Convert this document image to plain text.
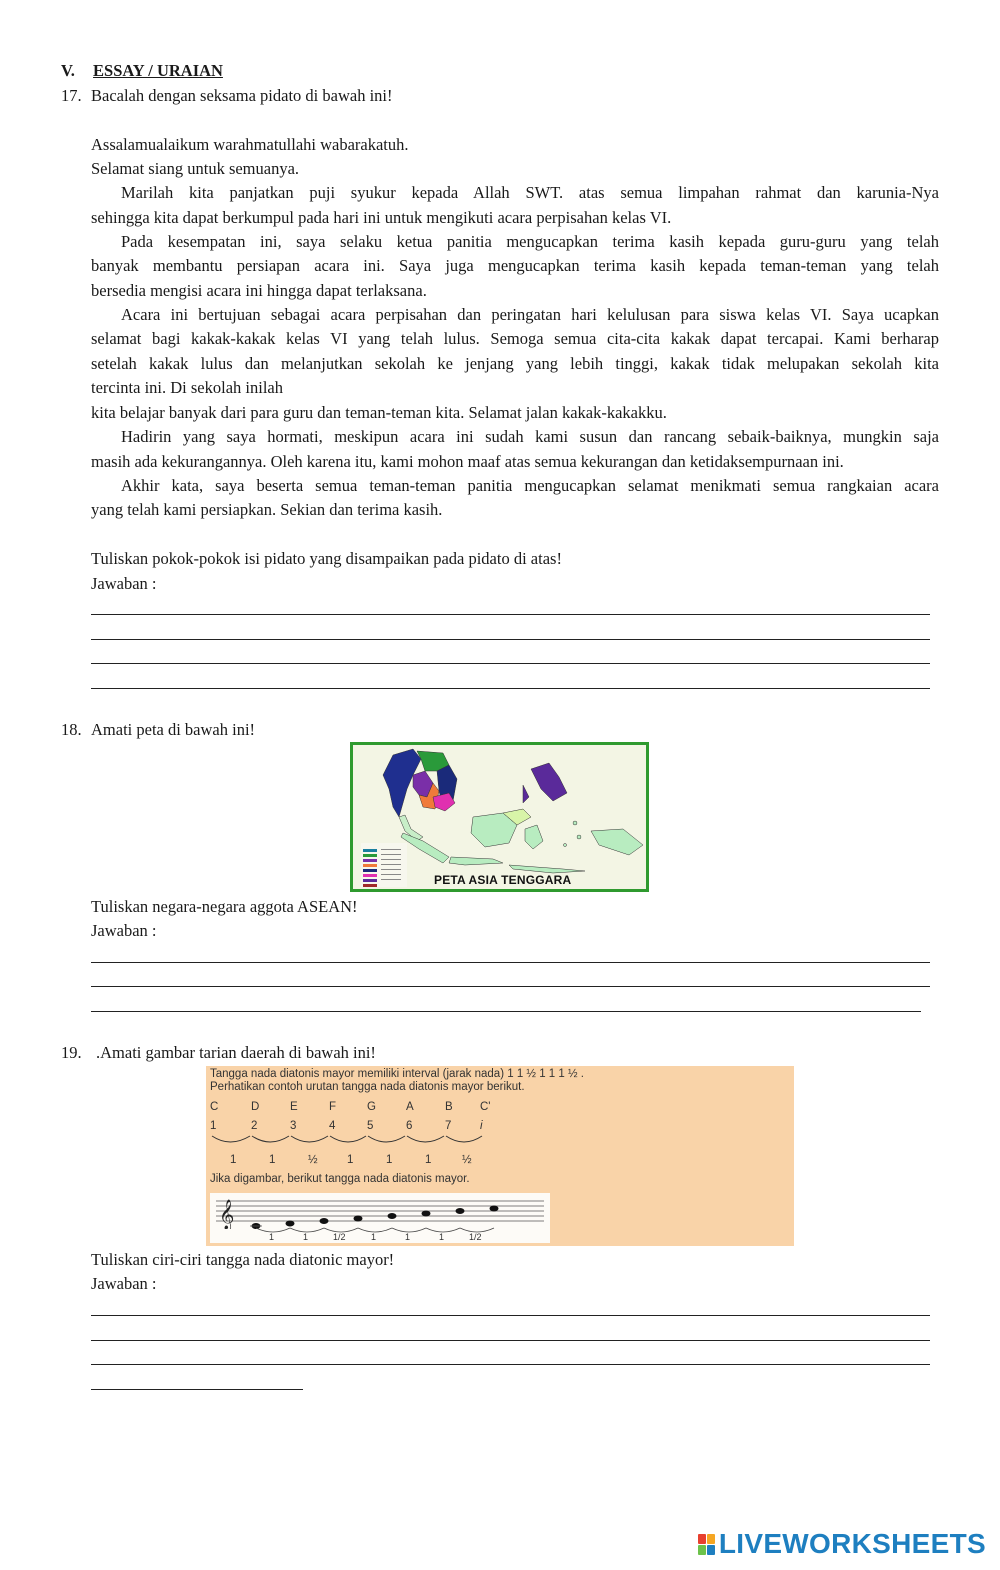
V. ESSAY / URAIAN
17. Bacalah dengan seksama pidato di bawah ini!
Assalamualaikum warahmatullahi wabarakatuh.
Selamat siang untuk semuanya.
Marilah kita panjatkan puji syukur kepada Allah SWT. atas semua limpahan rahmat dan karunia-Nya
sehingga kita dapat berkumpul pada hari ini untuk mengikuti acara perpisahan kelas VI.
Pada kesempatan ini, saya selaku ketua panitia mengucapkan terima kasih kepada guru-guru yang telah
banyak membantu persiapan acara ini. Saya juga mengucapkan terima kasih kepada teman-teman yang telah
bersedia mengisi acara ini hingga dapat terlaksana.
Acara ini bertujuan sebagai acara perpisahan dan peringatan hari kelulusan para siswa kelas VI. Saya ucapkan
selamat bagi kakak-kakak kelas VI yang telah lulus. Semoga semua cita-cita kakak dapat tercapai. Kami berharap
setelah kakak lulus dan melanjutkan sekolah ke jenjang yang lebih tinggi, kakak tidak melupakan sekolah kita
tercinta ini. Di sekolah inilah
kita belajar banyak dari para guru dan teman-teman kita. Selamat jalan kakak-kakakku.
Hadirin yang saya hormati, meskipun acara ini sudah kami susun dan rancang sebaik-baiknya, mungkin saja
masih ada kekurangannya. Oleh karena itu, kami mohon maaf atas semua kekurangan dan ketidaksempurnaan ini.
Akhir kata, saya beserta semua teman-teman panitia mengucapkan selamat menikmati semua rangkaian acara
yang telah kami persiapkan. Sekian dan terima kasih.
Tuliskan pokok-pokok isi pidato yang disampaikan pada pidato di atas!
Jawaban :
18. Amati peta di bawah ini!
PETA ASIA TENGGARA
Tuliskan negara-negara aggota ASEAN!
Jawaban :
19. .Amati gambar tarian daerah di bawah ini!
Tangga nada diatonis mayor memiliki interval (jarak nada) 1 1 ½ 1 1 1 ½ .
Perhatikan contoh urutan tangga nada diatonis mayor berikut.
C	D	E	F	G	A	B C'
1	2	3	4	5	6	7 i
1	1	½	1	1	1	½
Jika digambar, berikut tangga nada diatonis mayor.
𝄞
1	1	1/2	1	1	1	1/2
Tuliskan ciri-ciri tangga nada diatonic mayor!
Jawaban :
LIVEWORKSHEETS
